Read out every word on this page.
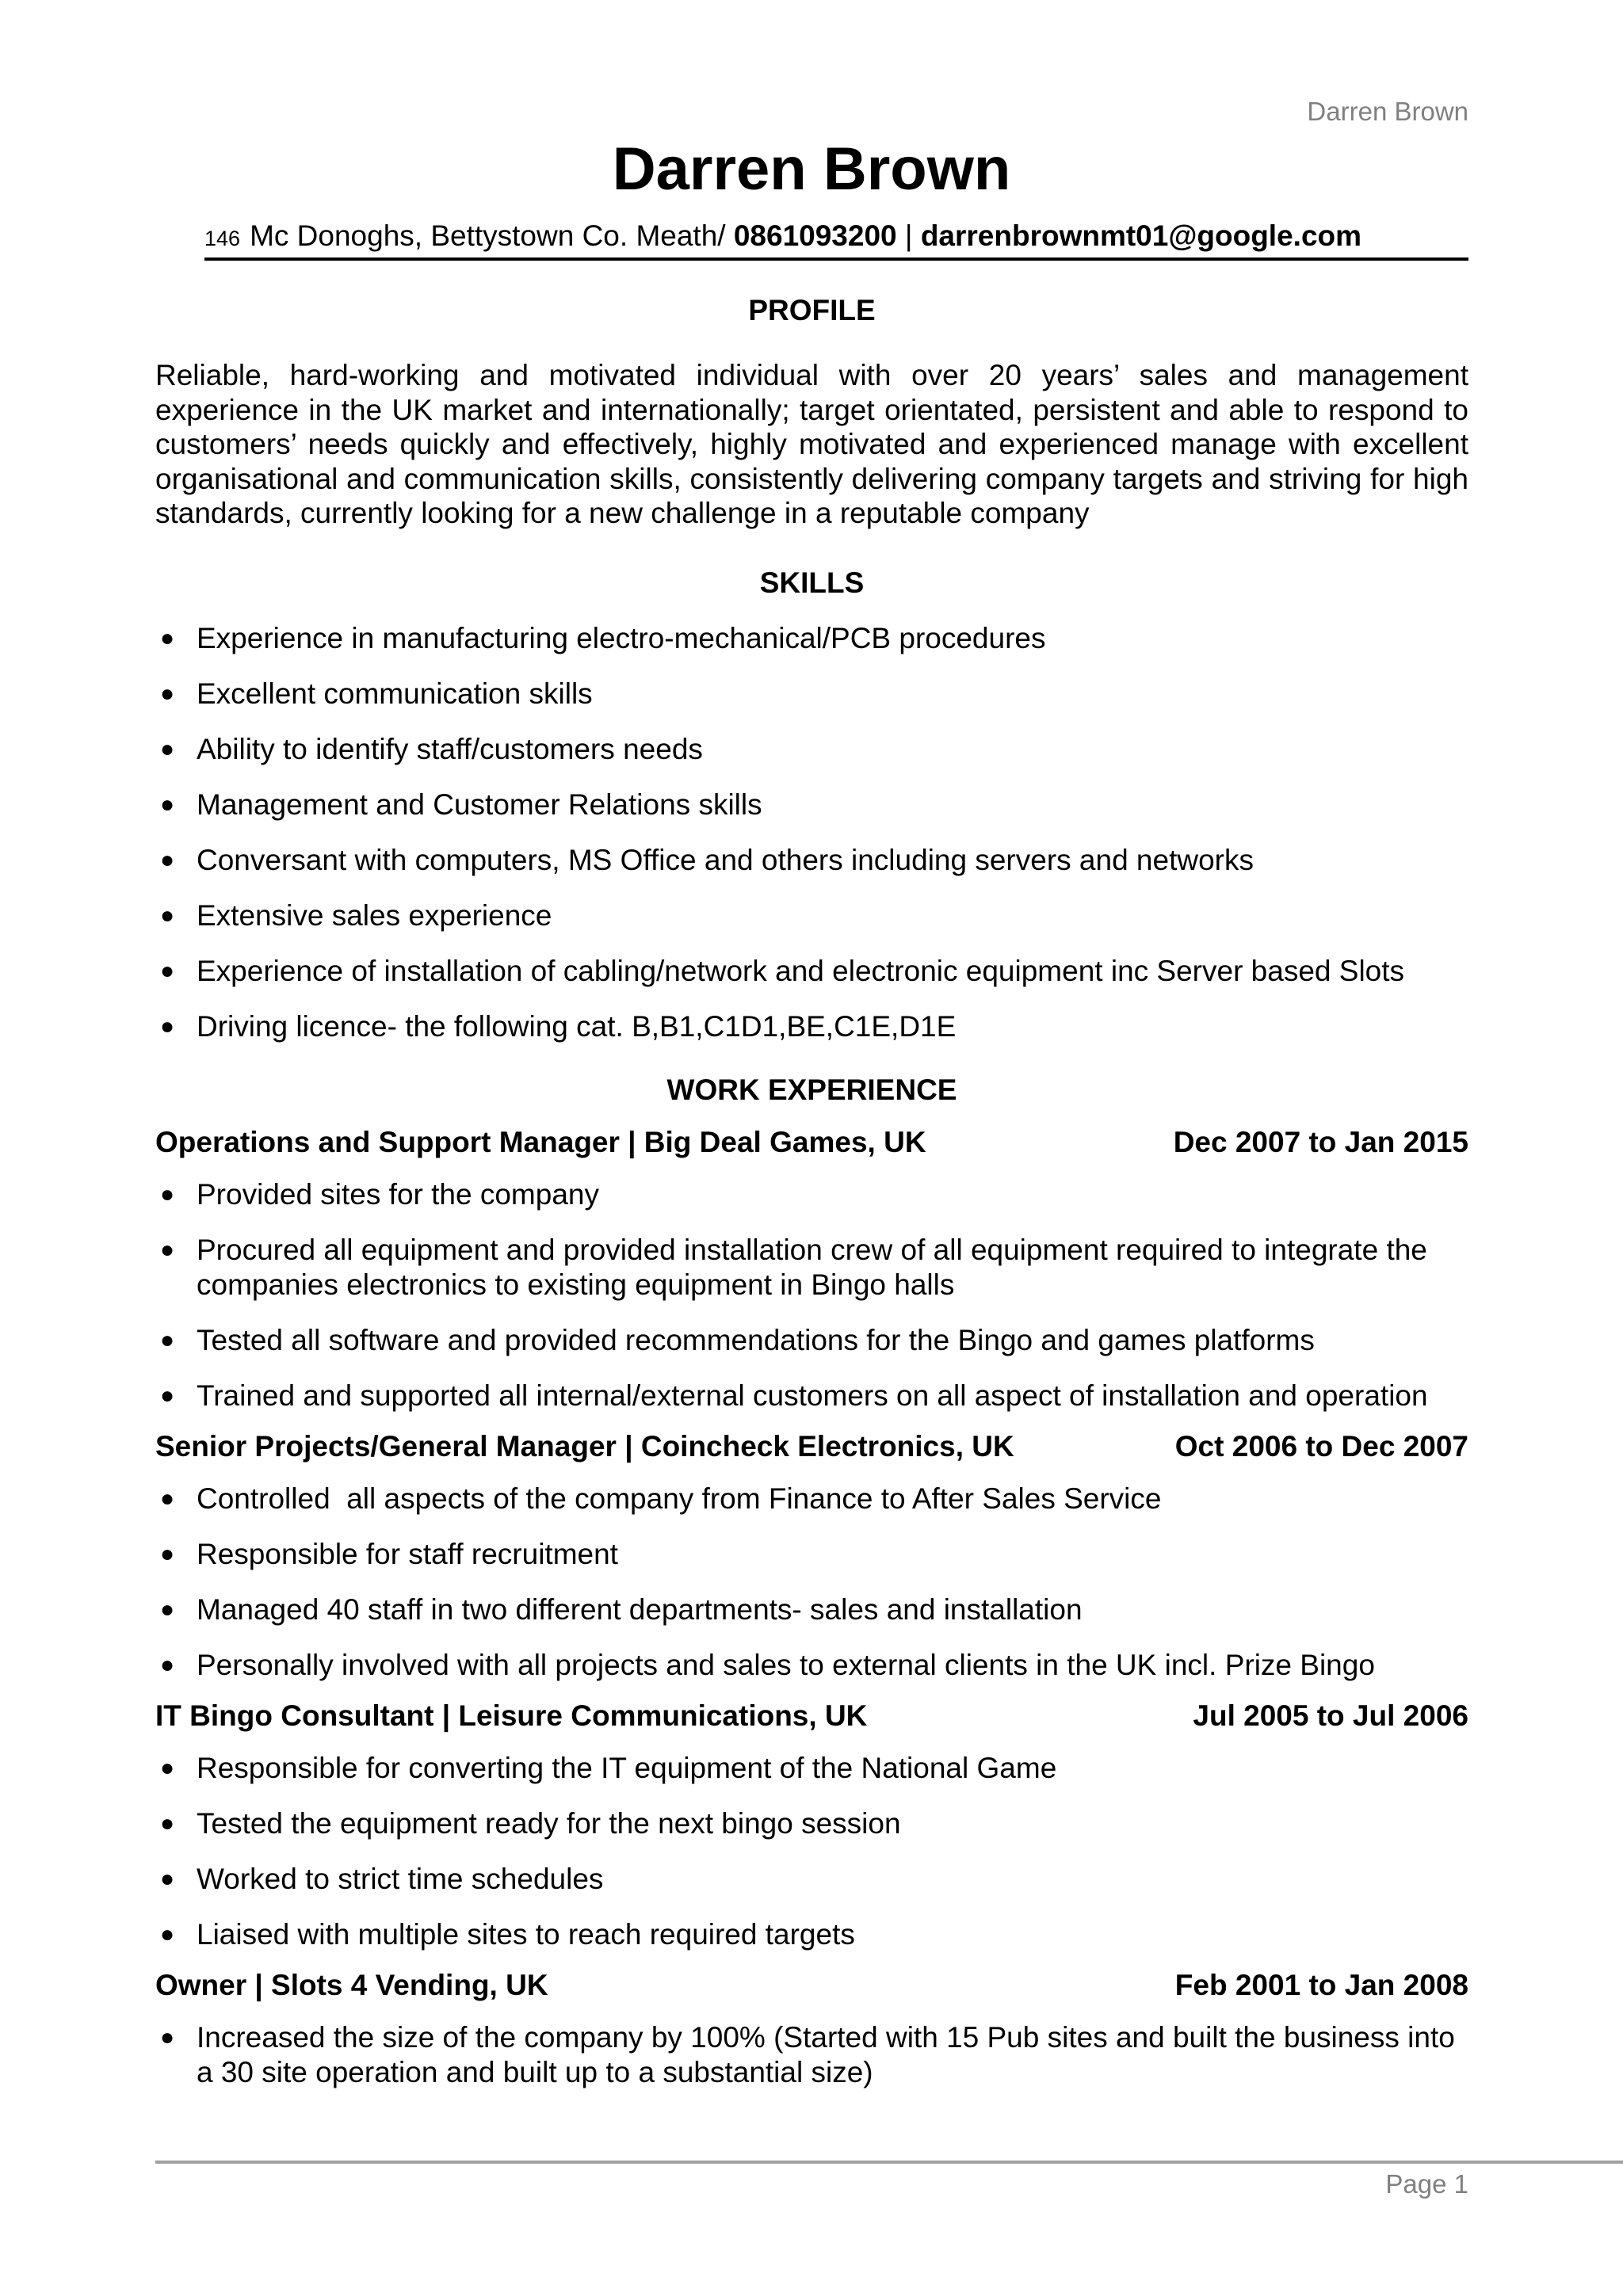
Darren Brown
Darren Brown
146 Mc Donoghs, Bettystown Co. Meath/ 0861093200 | darrenbrownmt01@google.com
PROFILE
Reliable, hard-working and motivated individual with over 20 years’ sales and management experience in the UK market and internationally; target orientated, persistent and able to respond to customers’ needs quickly and effectively, highly motivated and experienced manage with excellent organisational and communication skills, consistently delivering company targets and striving for high standards, currently looking for a new challenge in a reputable company
SKILLS
● Experience in manufacturing electro-mechanical/PCB procedures
● Excellent communication skills
● Ability to identify staff/customers needs
● Management and Customer Relations skills
● Conversant with computers, MS Office and others including servers and networks
● Extensive sales experience
● Experience of installation of cabling/network and electronic equipment inc Server based Slots
● Driving licence- the following cat. B,B1,C1D1,BE,C1E,D1E
WORK EXPERIENCE
Operations and Support Manager | Big Deal Games, UK	Dec 2007 to Jan 2015
● Provided sites for the company
● Procured all equipment and provided installation crew of all equipment required to integrate the companies electronics to existing equipment in Bingo halls
● Tested all software and provided recommendations for the Bingo and games platforms
● Trained and supported all internal/external customers on all aspect of installation and operation
Senior Projects/General Manager | Coincheck Electronics, UK	Oct 2006 to Dec 2007
● Controlled  all aspects of the company from Finance to After Sales Service
● Responsible for staff recruitment
● Managed 40 staff in two different departments- sales and installation
● Personally involved with all projects and sales to external clients in the UK incl. Prize Bingo
IT Bingo Consultant | Leisure Communications, UK	Jul 2005 to Jul 2006
● Responsible for converting the IT equipment of the National Game
● Tested the equipment ready for the next bingo session
● Worked to strict time schedules
● Liaised with multiple sites to reach required targets
Owner | Slots 4 Vending, UK	Feb 2001 to Jan 2008
● Increased the size of the company by 100% (Started with 15 Pub sites and built the business into a 30 site operation and built up to a substantial size)
Page 1
